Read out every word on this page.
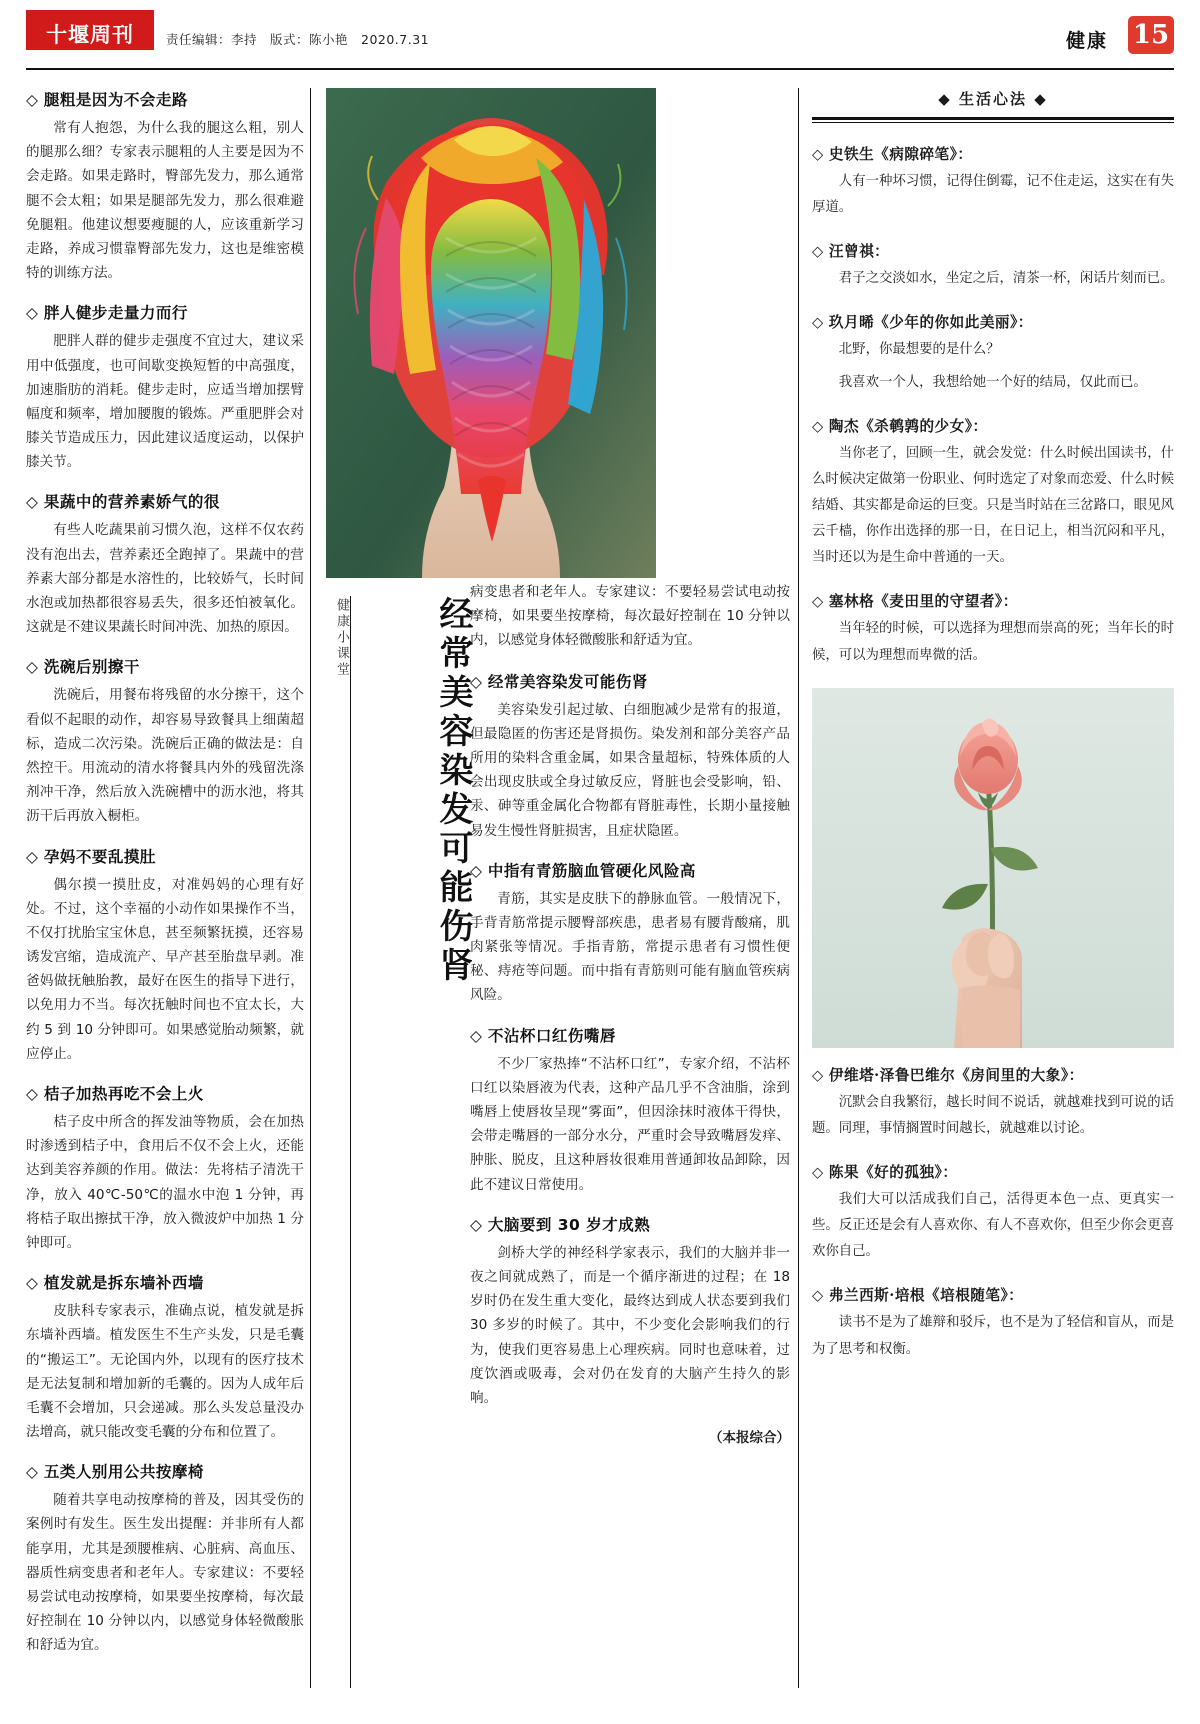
十堰周刊	责任编辑：李持　版式：陈小艳　2020.7.31	健康 15
◇ 腿粗是因为不会走路

常有人抱怨，为什么我的腿这么粗，别人的腿那么细？专家表示腿粗的人主要是因为不会走路。如果走路时，臀部先发力，那么通常腿不会太粗；如果是腿部先发力，那么很难避免腿粗。他建议想要瘦腿的人，应该重新学习走路，养成习惯靠臀部先发力，这也是维密模特的训练方法。

◇ 胖人健步走量力而行

肥胖人群的健步走强度不宜过大，建议采用中低强度，也可间歇变换短暂的中高强度，加速脂肪的消耗。健步走时，应适当增加摆臂幅度和频率，增加腰腹的锻炼。严重肥胖会对膝关节造成压力，因此建议适度运动，以保护膝关节。

◇ 果蔬中的营养素娇气的很

有些人吃蔬果前习惯久泡，这样不仅农药没有泡出去，营养素还全跑掉了。果蔬中的营养素大部分都是水溶性的，比较娇气，长时间水泡或加热都很容易丢失，很多还怕被氧化。这就是不建议果蔬长时间冲洗、加热的原因。

◇ 洗碗后别擦干

洗碗后，用餐布将残留的水分擦干，这个看似不起眼的动作，却容易导致餐具上细菌超标，造成二次污染。洗碗后正确的做法是：自然控干。用流动的清水将餐具内外的残留洗涤剂冲干净，然后放入洗碗槽中的沥水池，将其沥干后再放入橱柜。

◇ 孕妈不要乱摸肚

偶尔摸一摸肚皮，对准妈妈的心理有好处。不过，这个幸福的小动作如果操作不当，不仅打扰胎宝宝休息，甚至频繁抚摸，还容易诱发宫缩，造成流产、早产甚至胎盘早剥。准爸妈做抚触胎教，最好在医生的指导下进行，以免用力不当。每次抚触时间也不宜太长，大约 5 到 10 分钟即可。如果感觉胎动频繁，就应停止。

◇ 桔子加热再吃不会上火

桔子皮中所含的挥发油等物质，会在加热时渗透到桔子中，食用后不仅不会上火，还能达到美容养颜的作用。做法：先将桔子清洗干净，放入 40℃-50℃的温水中泡 1 分钟，再将桔子取出擦拭干净，放入微波炉中加热 1 分钟即可。

◇ 植发就是拆东墙补西墙

皮肤科专家表示，准确点说，植发就是拆东墙补西墙。植发医生不生产头发，只是毛囊的“搬运工”。无论国内外，以现有的医疗技术是无法复制和增加新的毛囊的。因为人成年后毛囊不会增加，只会递减。那么头发总量没办法增高，就只能改变毛囊的分布和位置了。

◇ 五类人别用公共按摩椅

随着共享电动按摩椅的普及，因其受伤的案例时有发生。医生发出提醒：并非所有人都能享用，尤其是颈腰椎病、心脏病、高血压、器质性病变患者和老年人。专家建议：不要轻易尝试电动按摩椅，如果要坐按摩椅，每次最好控制在 10 分钟以内，以感觉身体轻微酸胀和舒适为宜。

健康小课堂 经常美容染发可能伤肾

病变患者和老年人。专家建议：不要轻易尝试电动按摩椅，如果要坐按摩椅，每次最好控制在 10 分钟以内，以感觉身体轻微酸胀和舒适为宜。

◇ 经常美容染发可能伤肾

美容染发引起过敏、白细胞减少是常有的报道，但最隐匿的伤害还是肾损伤。染发剂和部分美容产品所用的染料含重金属，如果含量超标，特殊体质的人会出现皮肤或全身过敏反应，肾脏也会受影响，铅、汞、砷等重金属化合物都有肾脏毒性，长期小量接触易发生慢性肾脏损害，且症状隐匿。

◇ 中指有青筋脑血管硬化风险高

青筋，其实是皮肤下的静脉血管。一般情况下，手背青筋常提示腰臀部疾患，患者易有腰背酸痛，肌肉紧张等情况。手指青筋，常提示患者有习惯性便秘、痔疮等问题。而中指有青筋则可能有脑血管疾病风险。

◇ 不沾杯口红伤嘴唇

不少厂家热捧“不沾杯口红”，专家介绍，不沾杯口红以染唇液为代表，这种产品几乎不含油脂，涂到嘴唇上使唇妆呈现“雾面”，但因涂抹时液体干得快，会带走嘴唇的一部分水分，严重时会导致嘴唇发痒、肿胀、脱皮，且这种唇妆很难用普通卸妆品卸除，因此不建议日常使用。

◇ 大脑要到 30 岁才成熟

剑桥大学的神经科学家表示，我们的大脑并非一夜之间就成熟了，而是一个循序渐进的过程；在 18 岁时仍在发生重大变化，最终达到成人状态要到我们 30 多岁的时候了。其中，不少变化会影响我们的行为，使我们更容易患上心理疾病。同时也意味着，过度饮酒或吸毒，会对仍在发育的大脑产生持久的影响。

（本报综合）
◆ 生活心法 ◆
◇ 史铁生《病隙碎笔》：

人有一种坏习惯，记得住倒霉，记不住走运，这实在有失厚道。

◇ 汪曾祺：

君子之交淡如水，坐定之后，清茶一杯，闲话片刻而已。

◇ 玖月晞《少年的你如此美丽》：

北野，你最想要的是什么？

我喜欢一个人，我想给她一个好的结局，仅此而已。

◇ 陶杰《杀鹌鹑的少女》：

当你老了，回顾一生，就会发觉：什么时候出国读书，什么时候决定做第一份职业、何时选定了对象而恋爱、什么时候结婚、其实都是命运的巨变。只是当时站在三岔路口，眼见风云千樯，你作出选择的那一日，在日记上，相当沉闷和平凡，当时还以为是生命中普通的一天。

◇ 塞林格《麦田里的守望者》：

当年轻的时候，可以选择为理想而崇高的死；当年长的时候，可以为理想而卑微的活。

◇ 伊维塔·泽鲁巴维尔《房间里的大象》：

沉默会自我繁衍，越长时间不说话，就越难找到可说的话题。同理，事情搁置时间越长，就越难以讨论。

◇ 陈果《好的孤独》：

我们大可以活成我们自己，活得更本色一点、更真实一些。反正还是会有人喜欢你、有人不喜欢你，但至少你会更喜欢你自己。

◇ 弗兰西斯·培根《培根随笔》：

读书不是为了雄辩和驳斥，也不是为了轻信和盲从，而是为了思考和权衡。
